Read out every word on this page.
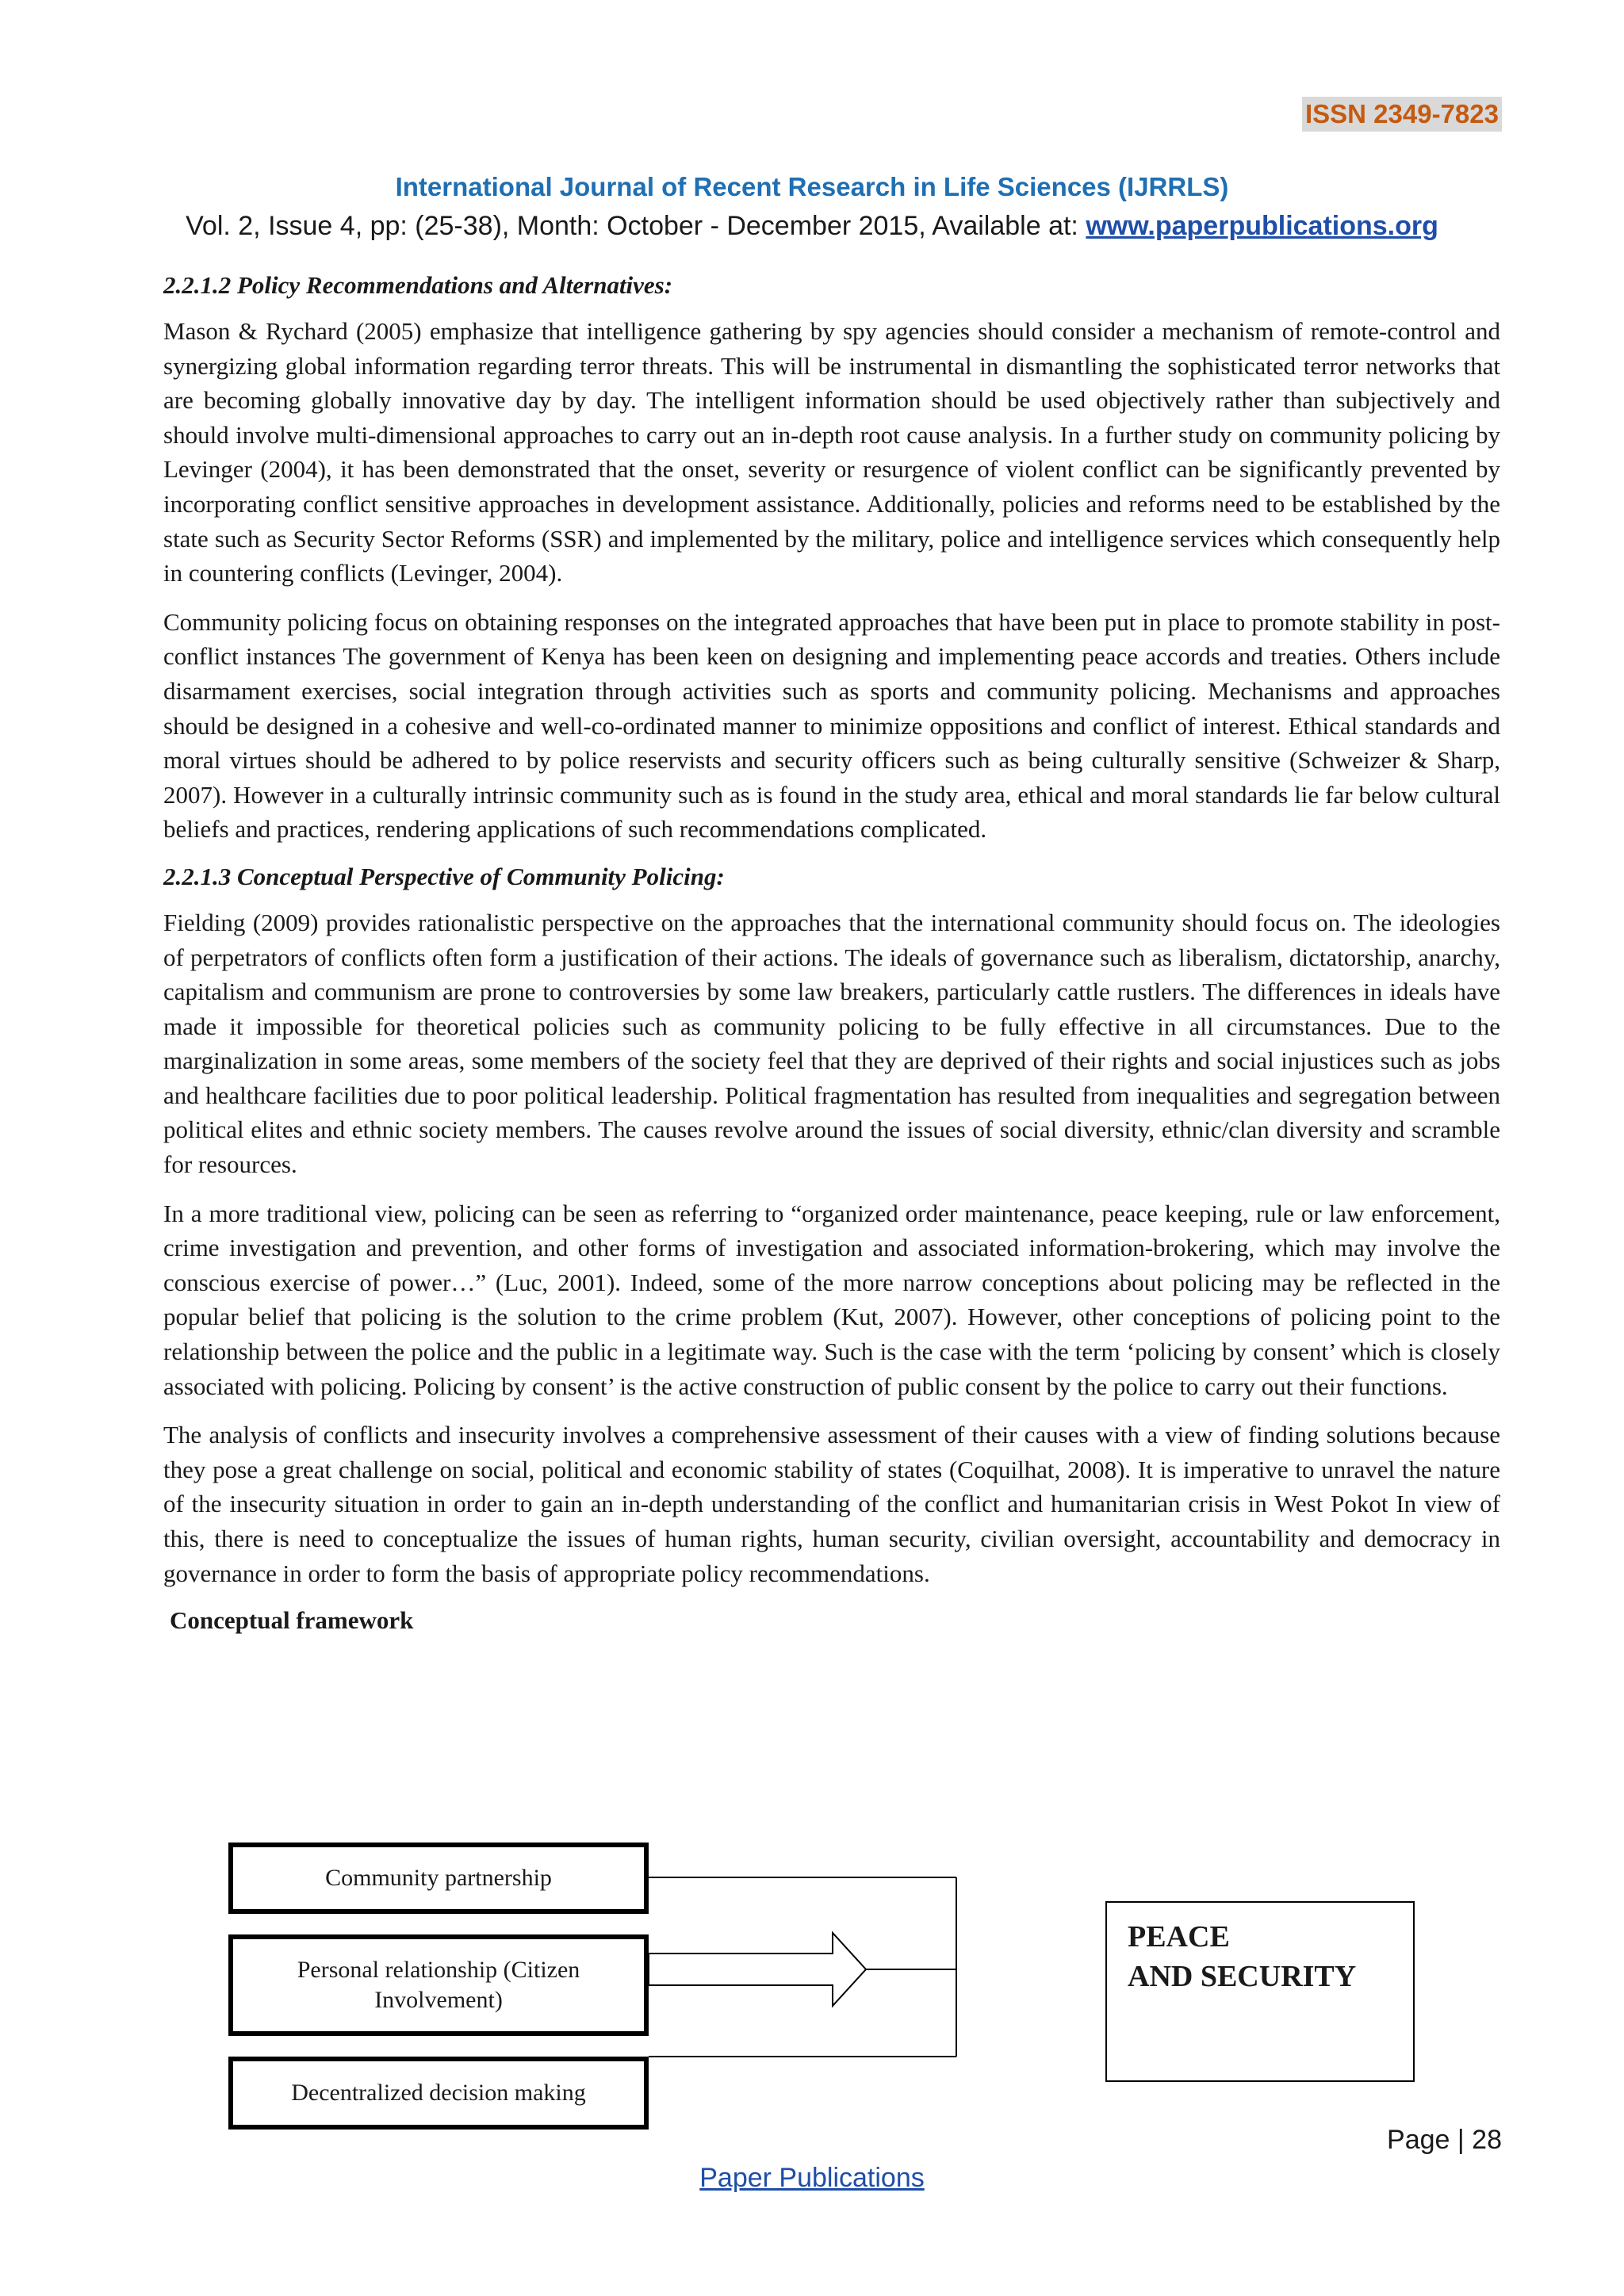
ISSN 2349-7823
International Journal of Recent Research in Life Sciences (IJRRLS)
Vol. 2, Issue 4, pp: (25-38), Month: October - December 2015, Available at: www.paperpublications.org
2.2.1.2 Policy Recommendations and Alternatives:

Mason & Rychard (2005) emphasize that intelligence gathering by spy agencies should consider a mechanism of remote-control and synergizing global information regarding terror threats. This will be instrumental in dismantling the sophisticated terror networks that are becoming globally innovative day by day. The intelligent information should be used objectively rather than subjectively and should involve multi-dimensional approaches to carry out an in-depth root cause analysis. In a further study on community policing by Levinger (2004), it has been demonstrated that the onset, severity or resurgence of violent conflict can be significantly prevented by incorporating conflict sensitive approaches in development assistance. Additionally, policies and reforms need to be established by the state such as Security Sector Reforms (SSR) and implemented by the military, police and intelligence services which consequently help in countering conflicts (Levinger, 2004).

Community policing focus on obtaining responses on the integrated approaches that have been put in place to promote stability in post-conflict instances The government of Kenya has been keen on designing and implementing peace accords and treaties. Others include disarmament exercises, social integration through activities such as sports and community policing. Mechanisms and approaches should be designed in a cohesive and well-co-ordinated manner to minimize oppositions and conflict of interest. Ethical standards and moral virtues should be adhered to by police reservists and security officers such as being culturally sensitive (Schweizer & Sharp, 2007). However in a culturally intrinsic community such as is found in the study area, ethical and moral standards lie far below cultural beliefs and practices, rendering applications of such recommendations complicated.

2.2.1.3 Conceptual Perspective of Community Policing:

Fielding (2009) provides rationalistic perspective on the approaches that the international community should focus on. The ideologies of perpetrators of conflicts often form a justification of their actions. The ideals of governance such as liberalism, dictatorship, anarchy, capitalism and communism are prone to controversies by some law breakers, particularly cattle rustlers. The differences in ideals have made it impossible for theoretical policies such as community policing to be fully effective in all circumstances. Due to the marginalization in some areas, some members of the society feel that they are deprived of their rights and social injustices such as jobs and healthcare facilities due to poor political leadership. Political fragmentation has resulted from inequalities and segregation between political elites and ethnic society members. The causes revolve around the issues of social diversity, ethnic/clan diversity and scramble for resources.

In a more traditional view, policing can be seen as referring to “organized order maintenance, peace keeping, rule or law enforcement, crime investigation and prevention, and other forms of investigation and associated information-brokering, which may involve the conscious exercise of power…” (Luc, 2001). Indeed, some of the more narrow conceptions about policing may be reflected in the popular belief that policing is the solution to the crime problem (Kut, 2007). However, other conceptions of policing point to the relationship between the police and the public in a legitimate way. Such is the case with the term ‘policing by consent’ which is closely associated with policing. Policing by consent’ is the active construction of public consent by the police to carry out their functions.

The analysis of conflicts and insecurity involves a comprehensive assessment of their causes with a view of finding solutions because they pose a great challenge on social, political and economic stability of states (Coquilhat, 2008). It is imperative to unravel the nature of the insecurity situation in order to gain an in-depth understanding of the conflict and humanitarian crisis in West Pokot In view of this, there is need to conceptualize the issues of human rights, human security, civilian oversight, accountability and democracy in governance in order to form the basis of appropriate policy recommendations.

Conceptual framework
Community partnership
Personal relationship (Citizen Involvement)
Decentralized decision making
PEACE
AND SECURITY
Page | 28
Paper Publications
